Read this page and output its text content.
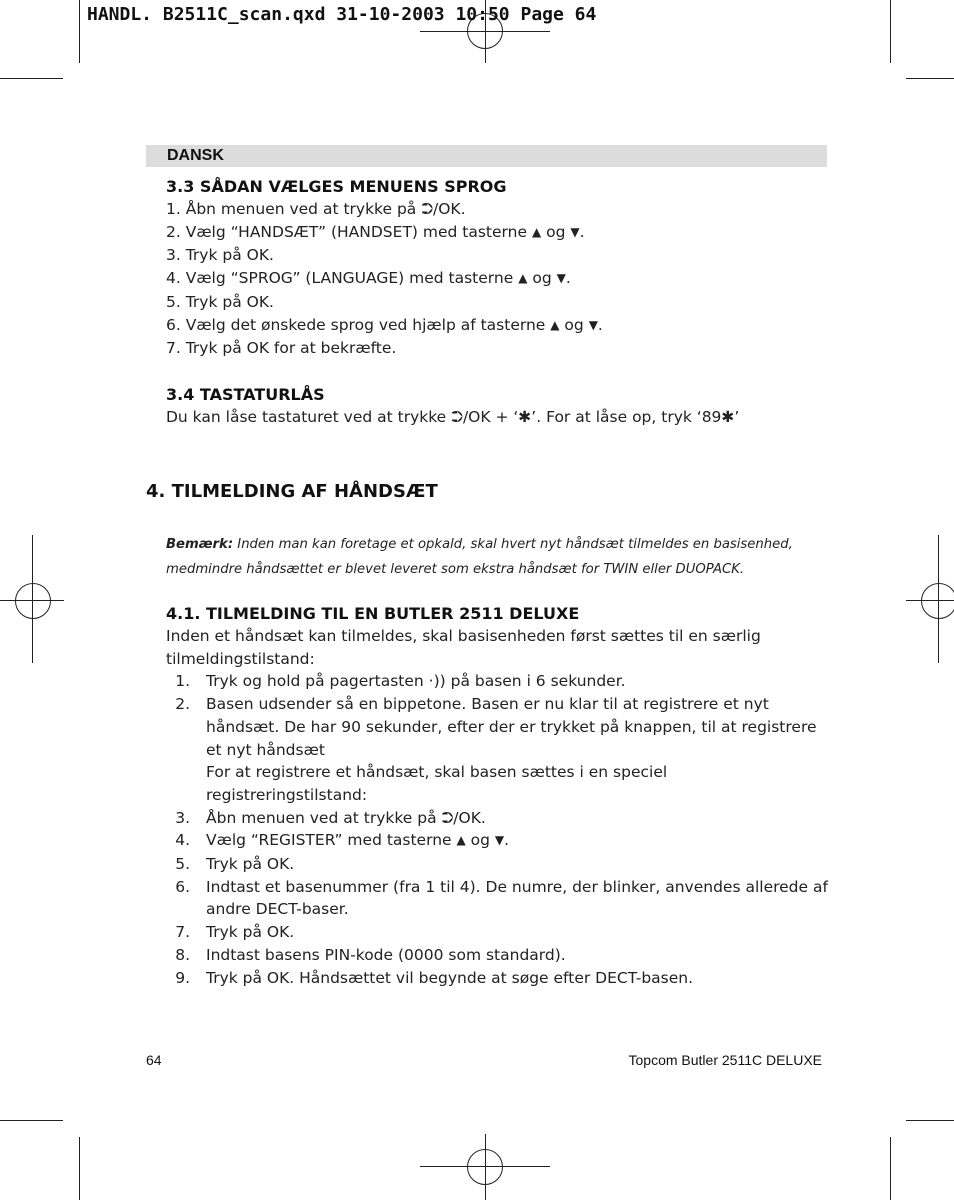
HANDL. B2511C_scan.qxd 31-10-2003 10:50 Page 64
DANSK

3.3 SÅDAN VÆLGES MENUENS SPROG

1. Åbn menuen ved at trykke på ⮊/OK.

2. Vælg “HANDSÆT” (HANDSET) med tasterne ▲ og ▼.

3. Tryk på OK.

4. Vælg “SPROG” (LANGUAGE) med tasterne ▲ og ▼.

5. Tryk på OK.

6. Vælg det ønskede sprog ved hjælp af tasterne ▲ og ▼.

7. Tryk på OK for at bekræfte.

3.4 TASTATURLÅS

Du kan låse tastaturet ved at trykke ⮊/OK + ‘✱’. For at låse op, tryk ‘89✱’

4. TILMELDING AF HÅNDSÆT

Bemærk: Inden man kan foretage et opkald, skal hvert nyt håndsæt tilmeldes en basisenhed, medmindre håndsættet er blevet leveret som ekstra håndsæt for TWIN eller DUOPACK.

4.1. TILMELDING TIL EN BUTLER 2511 DELUXE

Inden et håndsæt kan tilmeldes, skal basisenheden først sættes til en særlig tilmeldingstilstand:

1. Tryk og hold på pagertasten ·)) på basen i 6 sekunder.
2. Basen udsender så en bippetone. Basen er nu klar til at registrere et nyt håndsæt. De har 90 sekunder, efter der er trykket på knappen, til at registrere et nyt håndsæt
For at registrere et håndsæt, skal basen sættes i en speciel registreringstilstand:
3. Åbn menuen ved at trykke på ⮊/OK.
4. Vælg “REGISTER” med tasterne ▲ og ▼.
5. Tryk på OK.
6. Indtast et basenummer (fra 1 til 4). De numre, der blinker, anvendes allerede af andre DECT-baser.
7. Tryk på OK.
8. Indtast basens PIN-kode (0000 som standard).
9. Tryk på OK. Håndsættet vil begynde at søge efter DECT-basen.
64	Topcom Butler 2511C DELUXE
